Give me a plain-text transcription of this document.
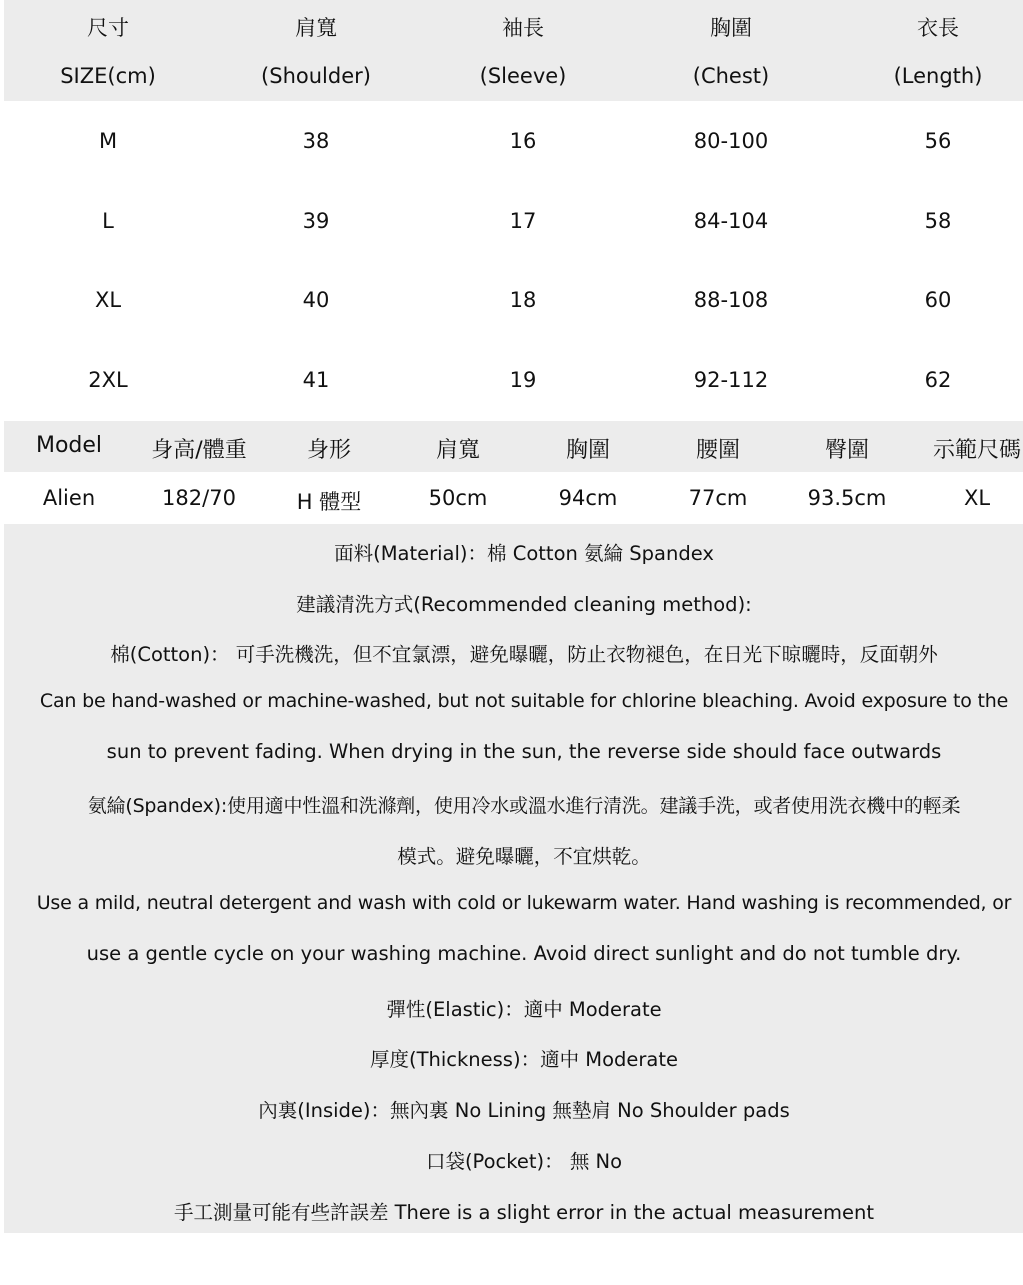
尺寸	肩寬	袖長	胸圍	衣長
SIZE(cm)	(Shoulder)	(Sleeve)	(Chest)	(Length)
M	38	16	80-100	56
L	39	17	84-104	58
XL	40	18	88-108	60
2XL	41	19	92-112	62
Model	身高/體重	身形	肩寬	胸圍	腰圍	臀圍	示範尺碼
Alien	182/70	H 體型	50cm	94cm	77cm	93.5cm	XL
面料(Material)：棉 Cotton 氨綸 Spandex
建議清洗方式(Recommended cleaning method):
棉(Cotton)： 可手洗機洗，但不宜氯漂，避免曝曬，防止衣物褪色，在日光下晾曬時，反面朝外
Can be hand-washed or machine-washed, but not suitable for chlorine bleaching. Avoid exposure to the
sun to prevent fading. When drying in the sun, the reverse side should face outwards
氨綸(Spandex):使用適中性溫和洗滌劑，使用冷水或溫水進行清洗。建議手洗，或者使用洗衣機中的輕柔
模式。避免曝曬，不宜烘乾。
Use a mild, neutral detergent and wash with cold or lukewarm water. Hand washing is recommended, or
use a gentle cycle on your washing machine. Avoid direct sunlight and do not tumble dry.
彈性(Elastic)：適中 Moderate
厚度(Thickness)：適中 Moderate
內裏(Inside)：無內裏 No Lining 無墊肩 No Shoulder pads
口袋(Pocket)： 無 No
手工測量可能有些許誤差 There is a slight error in the actual measurement
